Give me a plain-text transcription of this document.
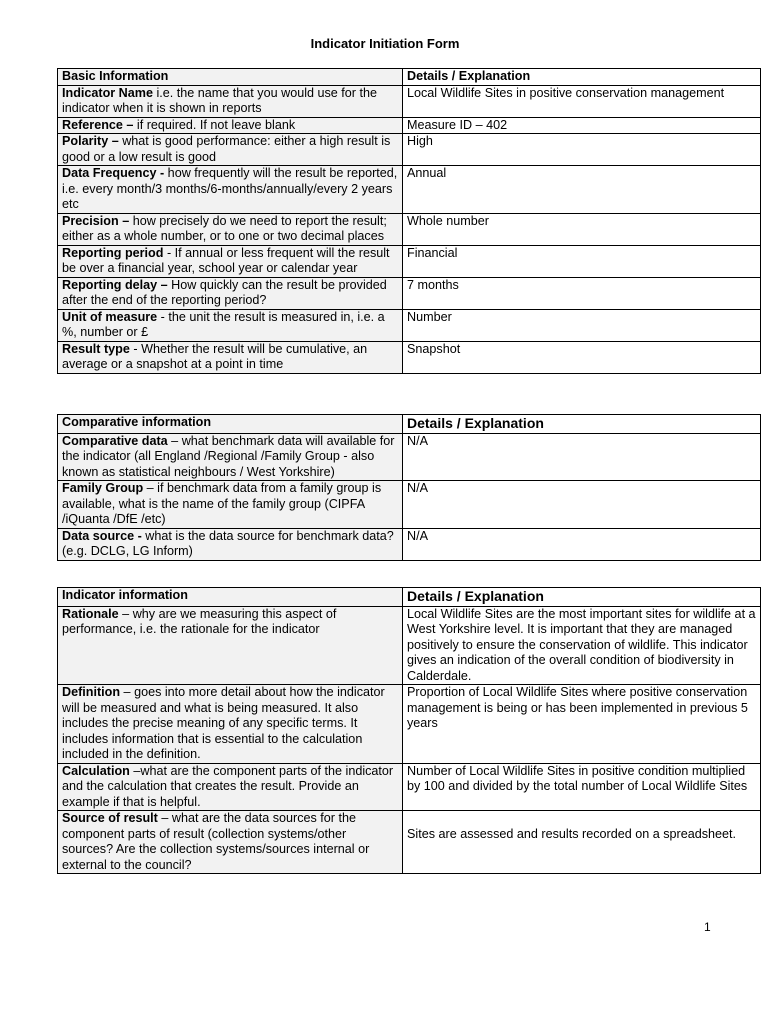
Indicator Initiation Form
Basic Information	Details / Explanation
Indicator Name i.e. the name that you would use for the indicator when it is shown in reports	Local Wildlife Sites in positive conservation management
Reference – if required. If not leave blank	Measure ID – 402
Polarity – what is good performance: either a high result is good or a low result is good	High
Data Frequency - how frequently will the result be reported, i.e. every month/3 months/6-months/annually/every 2 years etc	Annual
Precision – how precisely do we need to report the result; either as a whole number, or to one or two decimal places	Whole number
Reporting period - If annual or less frequent will the result be over a financial year, school year or calendar year	Financial
Reporting delay – How quickly can the result be provided after the end of the reporting period?	7 months
Unit of measure - the unit the result is measured in, i.e. a %, number or £	Number
Result type - Whether the result will be cumulative, an average or a snapshot at a point in time	Snapshot
Comparative information	Details / Explanation
Comparative data – what benchmark data will available for the indicator (all England /Regional /Family Group - also known as statistical neighbours / West Yorkshire)	N/A
Family Group – if benchmark data from a family group is available, what is the name of the family group (CIPFA /iQuanta /DfE /etc)	N/A
Data source - what is the data source for benchmark data? (e.g. DCLG, LG Inform)	N/A
Indicator information	Details / Explanation
Rationale – why are we measuring this aspect of performance, i.e. the rationale for the indicator	Local Wildlife Sites are the most important sites for wildlife at a West Yorkshire level. It is important that they are managed positively to ensure the conservation of wildlife. This indicator gives an indication of the overall condition of biodiversity in Calderdale.
Definition – goes into more detail about how the indicator will be measured and what is being measured. It also includes the precise meaning of any specific terms. It includes information that is essential to the calculation included in the definition.	Proportion of Local Wildlife Sites where positive conservation management is being or has been implemented in previous 5 years
Calculation –what are the component parts of the indicator and the calculation that creates the result. Provide an example if that is helpful.	Number of Local Wildlife Sites in positive condition multiplied by 100 and divided by the total number of Local Wildlife Sites
Source of result – what are the data sources for the component parts of result (collection systems/other sources? Are the collection systems/sources internal or external to the council?	Sites are assessed and results recorded on a spreadsheet.
1
